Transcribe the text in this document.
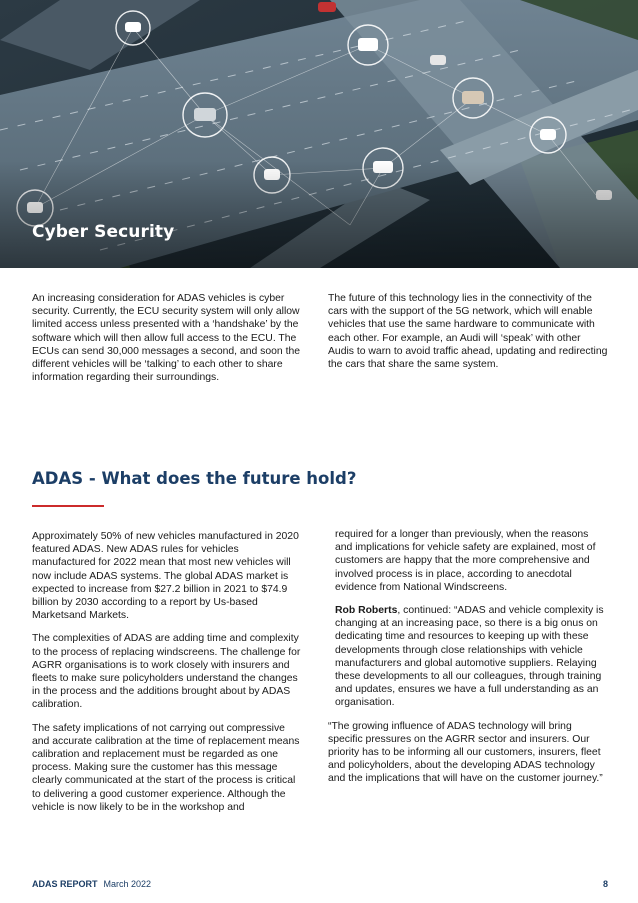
Cyber Security

An increasing consideration for ADAS vehicles is cyber security. Currently, the ECU security system will only allow limited access unless presented with a ‘handshake’ by the software which will then allow full access to the ECU. The ECUs can send 30,000 messages a second, and soon the different vehicles will be ‘talking’ to each other to share information regarding their surroundings.

The future of this technology lies in the connectivity of the cars with the support of the 5G network, which will enable vehicles that use the same hardware to communicate with each other. For example, an Audi will ‘speak’ with other Audis to warn to avoid traffic ahead, updating and redirecting the cars that share the same system.

ADAS - What does the future hold?

Approximately 50% of new vehicles manufactured in 2020 featured ADAS. New ADAS rules for vehicles manufactured for 2022 mean that most new vehicles will now include ADAS systems. The global ADAS market is expected to increase from $27.2 billion in 2021 to $74.9 billion by 2030 according to a report by Us-based Marketsand Markets.

The complexities of ADAS are adding time and complexity to the process of replacing windscreens. The challenge for AGRR organisations is to work closely with insurers and fleets to make sure policyholders understand the changes in the process and the additions brought about by ADAS calibration.

The safety implications of not carrying out compressive and accurate calibration at the time of replacement means calibration and replacement must be regarded as one process. Making sure the customer has this message clearly communicated at the start of the process is critical to delivering a good customer experience. Although the vehicle is now likely to be in the workshop and

required for a longer than previously, when the reasons and implications for vehicle safety are explained, most of customers are happy that the more comprehensive and involved process is in place, according to anecdotal evidence from National Windscreens.

Rob Roberts, continued: “ADAS and vehicle complexity is changing at an increasing pace, so there is a big onus on dedicating time and resources to keeping up with these developments through close relationships with vehicle manufacturers and global automotive suppliers. Relaying these developments to all our colleagues, through training and updates, ensures we have a full understanding as an organisation.

“The growing influence of ADAS technology will bring specific pressures on the AGRR sector and insurers. Our priority has to be informing all our customers, insurers, fleet and policyholders, about the developing ADAS technology and the implications that will have on the customer journey.”

ADAS REPORT March 2022	8
